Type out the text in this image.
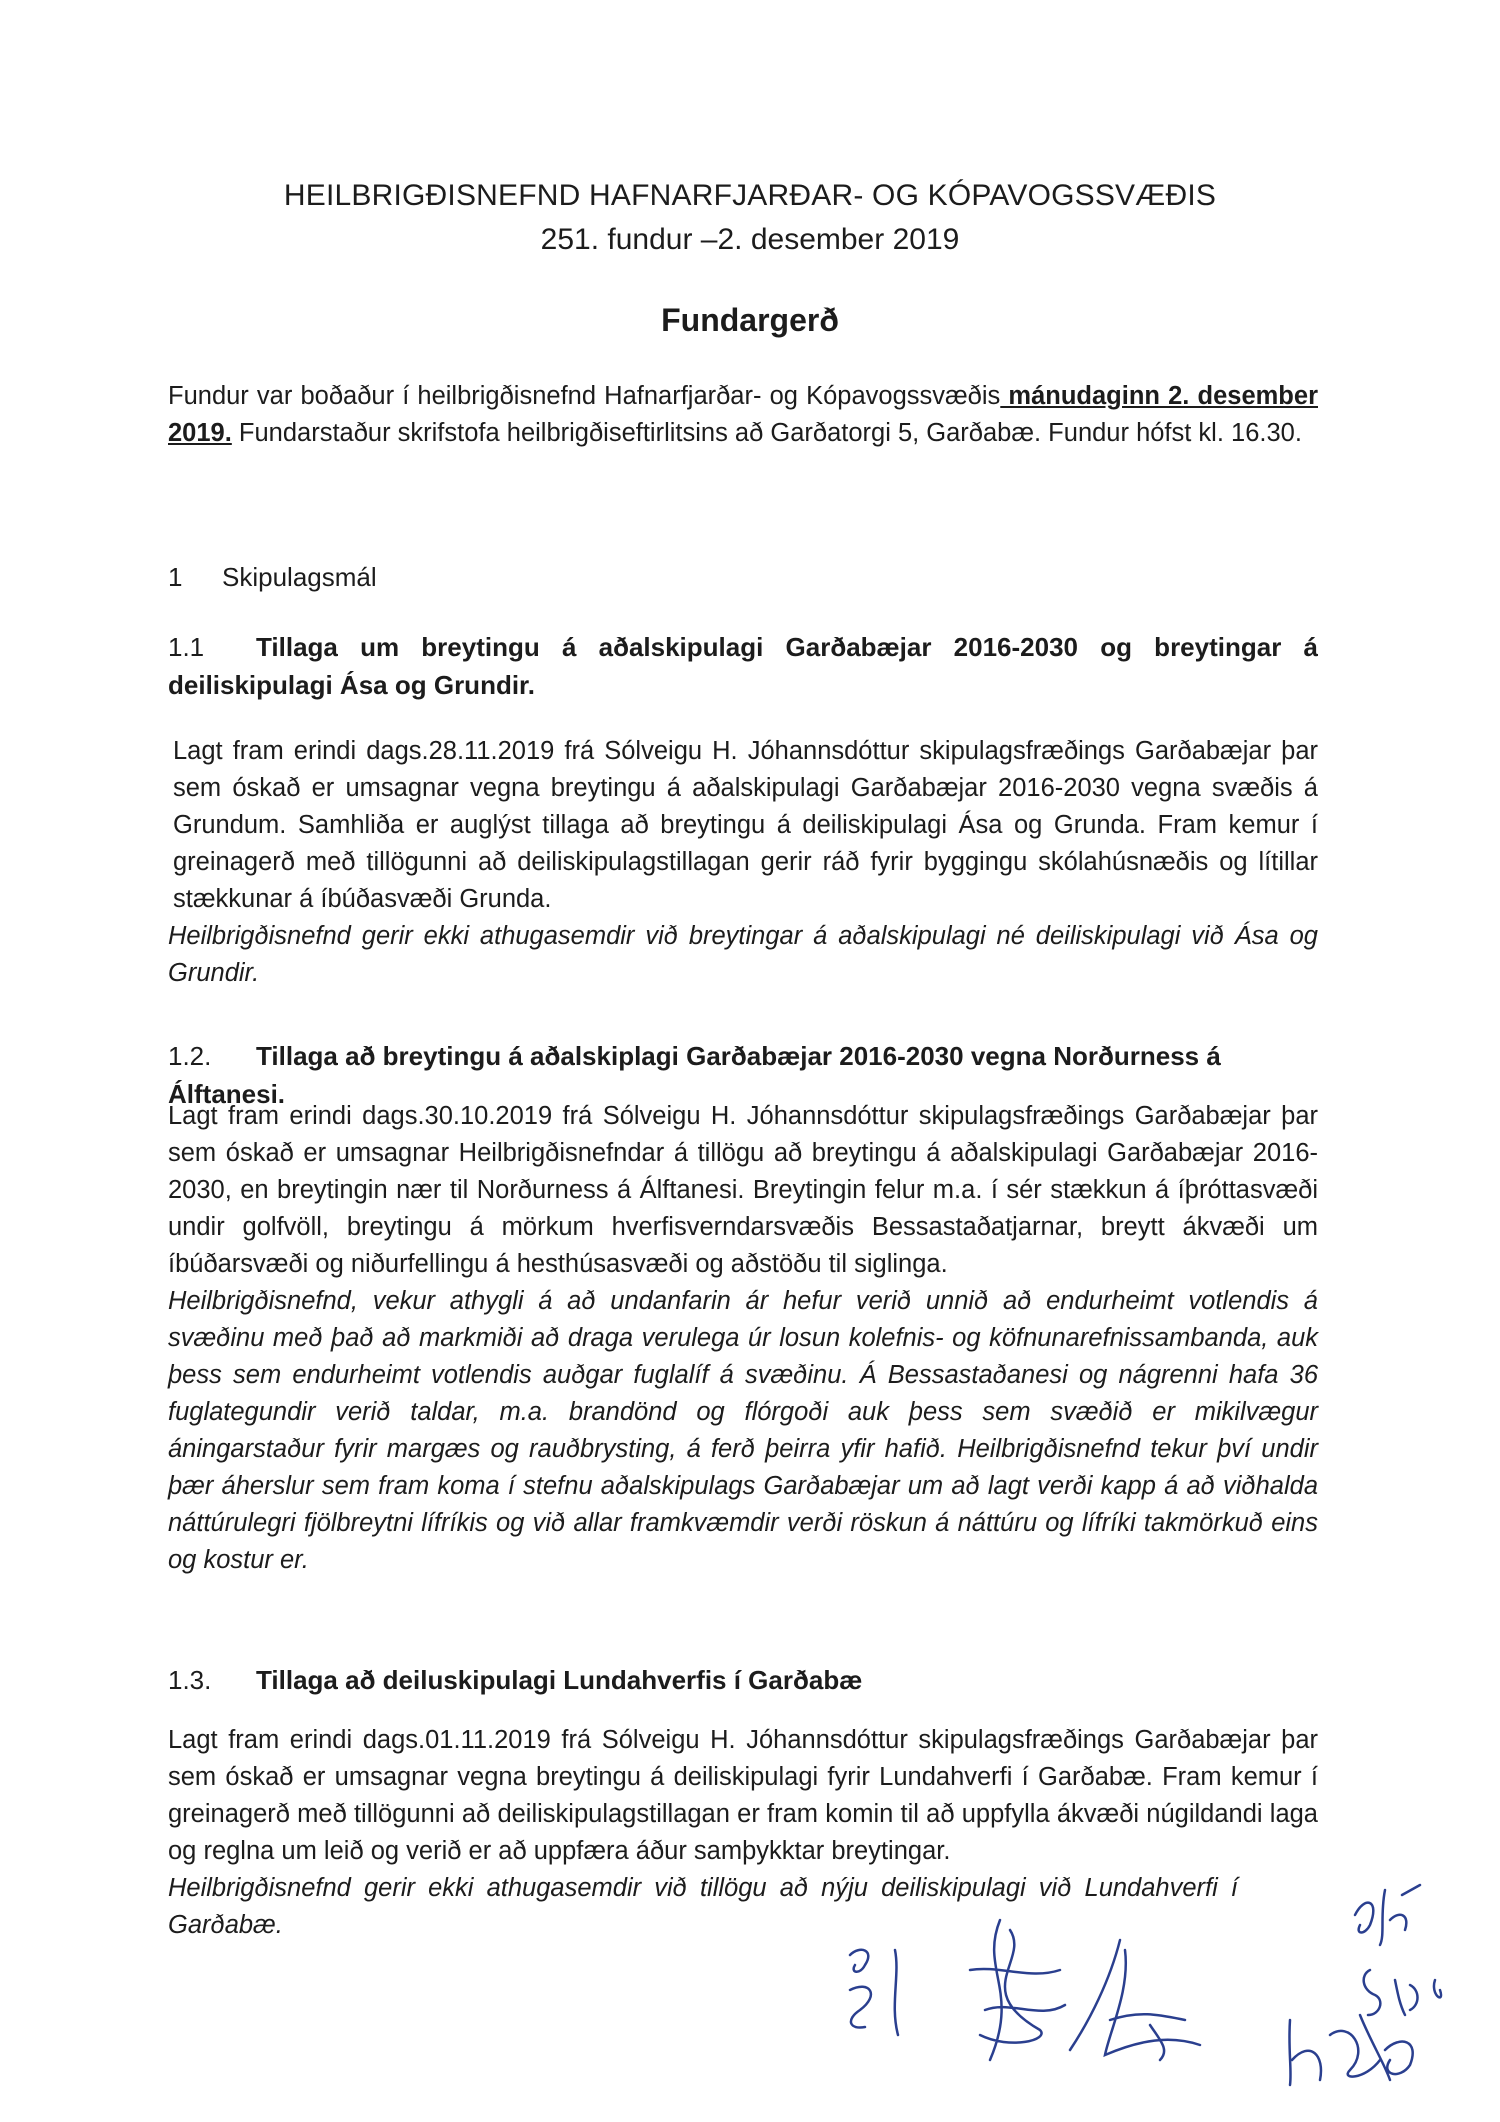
HEILBRIGÐISNEFND HAFNARFJARÐAR- OG KÓPAVOGSSVÆÐIS

251. fundur –2. desember 2019

Fundargerð

Fundur var boðaður í heilbrigðisnefnd Hafnarfjarðar- og Kópavogssvæðis mánudaginn 2. desember 2019. Fundarstaður skrifstofa heilbrigðiseftirlitsins að Garðatorgi 5, Garðabæ. Fundur hófst kl. 16.30.

1 Skipulagsmál

1.1 Tillaga um breytingu á aðalskipulagi Garðabæjar 2016-2030 og breytingar á deiliskipulagi Ása og Grundir.

Lagt fram erindi dags.28.11.2019 frá Sólveigu H. Jóhannsdóttur skipulagsfræðings Garðabæjar þar sem óskað er umsagnar vegna breytingu á aðalskipulagi Garðabæjar 2016-2030 vegna svæðis á Grundum. Samhliða er auglýst tillaga að breytingu á deiliskipulagi Ása og Grunda. Fram kemur í greinagerð með tillögunni að deiliskipulagstillagan gerir ráð fyrir byggingu skólahúsnæðis og lítillar stækkunar á íbúðasvæði Grunda.

Heilbrigðisnefnd gerir ekki athugasemdir við breytingar á aðalskipulagi né deiliskipulagi við Ása og Grundir.

1.2. Tillaga að breytingu á aðalskiplagi Garðabæjar 2016-2030 vegna Norðurness á Álftanesi.

Lagt fram erindi dags.30.10.2019 frá Sólveigu H. Jóhannsdóttur skipulagsfræðings Garðabæjar þar sem óskað er umsagnar Heilbrigðisnefndar á tillögu að breytingu á aðalskipulagi Garðabæjar 2016-2030, en breytingin nær til Norðurness á Álftanesi. Breytingin felur m.a. í sér stækkun á íþróttasvæði undir golfvöll, breytingu á mörkum hverfisverndarsvæðis Bessastaðatjarnar, breytt ákvæði um íbúðarsvæði og niðurfellingu á hesthúsasvæði og aðstöðu til siglinga.

Heilbrigðisnefnd, vekur athygli á að undanfarin ár hefur verið unnið að endurheimt votlendis á svæðinu með það að markmiði að draga verulega úr losun kolefnis- og köfnunarefnissambanda, auk þess sem endurheimt votlendis auðgar fuglalíf á svæðinu. Á Bessastaðanesi og nágrenni hafa 36 fuglategundir verið taldar, m.a. brandönd og flórgoði auk þess sem svæðið er mikilvægur áningarstaður fyrir margæs og rauðbrysting, á ferð þeirra yfir hafið. Heilbrigðisnefnd tekur því undir þær áherslur sem fram koma í stefnu aðalskipulags Garðabæjar um að lagt verði kapp á að viðhalda náttúrulegri fjölbreytni lífríkis og við allar framkvæmdir verði röskun á náttúru og lífríki takmörkuð eins og kostur er.

1.3. Tillaga að deiluskipulagi Lundahverfis í Garðabæ

Lagt fram erindi dags.01.11.2019 frá Sólveigu H. Jóhannsdóttur skipulagsfræðings Garðabæjar þar sem óskað er umsagnar vegna breytingu á deiliskipulagi fyrir Lundahverfi í Garðabæ. Fram kemur í greinagerð með tillögunni að deiliskipulagstillagan er fram komin til að uppfylla ákvæði núgildandi laga og reglna um leið og verið er að uppfæra áður samþykktar breytingar.

Heilbrigðisnefnd gerir ekki athugasemdir við tillögu að nýju deiliskipulagi við Lundahverfi í Garðabæ.
